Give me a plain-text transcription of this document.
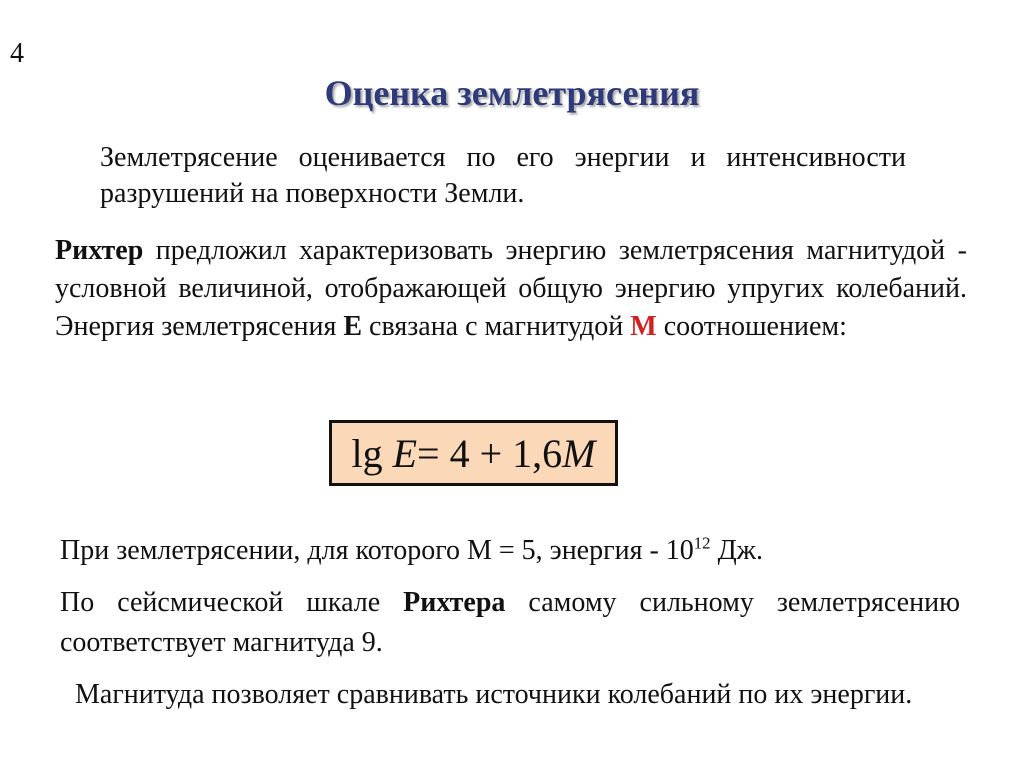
4
Оценка землетрясения
Землетрясение оценивается по его энергии и интенсивности разрушений на поверхности Земли.
Рихтер предложил характеризовать энергию землетрясения магнитудой - условной величиной, отображающей общую энергию упругих колебаний. Энергия землетрясения Е связана с магнитудой М соотношением:
lg
E = 4 + 1,6 M
При землетрясении, для которого М = 5, энергия - $10^{12}$ Дж.
По сейсмической шкале Рихтера самому сильному землетрясению соответствует магнитуда 9.
Магнитуда позволяет сравнивать источники колебаний по их энергии.
